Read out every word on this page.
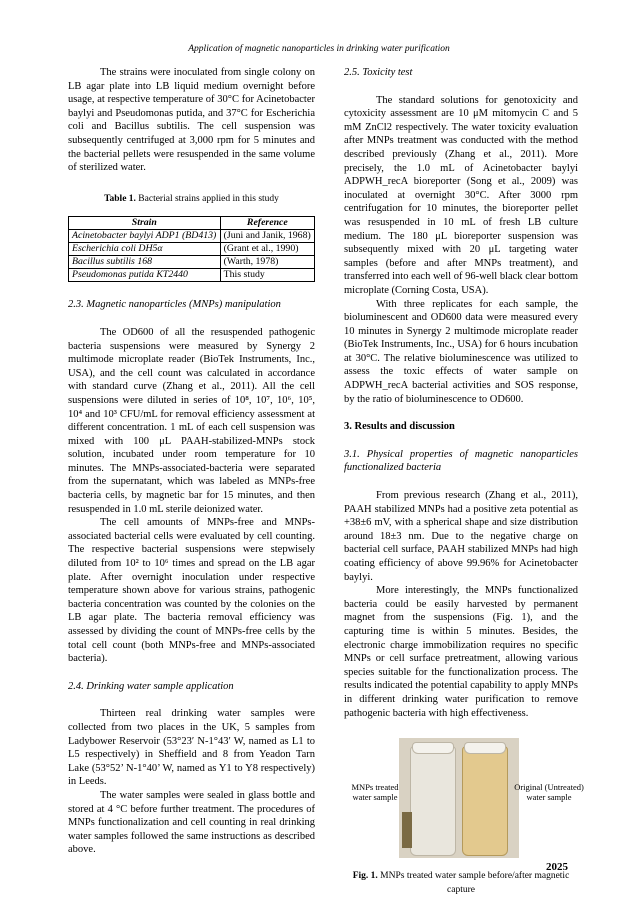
Application of magnetic nanoparticles in drinking water purification

The strains were inoculated from single colony on LB agar plate into LB liquid medium overnight before usage, at respective temperature of 30°C for Acinetobacter baylyi and Pseudomonas putida, and 37°C for Escherichia coli and Bacillus subtilis. The cell suspension was subsequently centrifuged at 3,000 rpm for 5 minutes and the bacterial pellets were resuspended in the same volume of sterilized water.

Table 1. Bacterial strains applied in this study
Strain	Reference
Acinetobacter baylyi ADP1 (BD413)	(Juni and Janik, 1968)
Escherichia coli DH5α	(Grant et al., 1990)
Bacillus subtilis 168	(Warth, 1978)
Pseudomonas putida KT2440	This study

2.3. Magnetic nanoparticles (MNPs) manipulation

The OD600 of all the resuspended pathogenic bacteria suspensions were measured by Synergy 2 multimode microplate reader (BioTek Instruments, Inc., USA), and the cell count was calculated in accordance with standard curve (Zhang et al., 2011). All the cell suspensions were diluted in series of 10⁸, 10⁷, 10⁶, 10⁵, 10⁴ and 10³ CFU/mL for removal efficiency assessment at different concentration. 1 mL of each cell suspension was mixed with 100 μL PAAH-stabilized-MNPs stock solution, incubated under room temperature for 10 minutes. The MNPs-associated-bacteria were separated from the supernatant, which was labeled as MNPs-free bacteria cells, by magnetic bar for 15 minutes, and then resuspended in 1.0 mL sterile deionized water.

The cell amounts of MNPs-free and MNPs-associated bacterial cells were evaluated by cell counting. The respective bacterial suspensions were stepwisely diluted from 10² to 10⁶ times and spread on the LB agar plate. After overnight inoculation under respective temperature shown above for various strains, pathogenic bacteria concentration was counted by the colonies on the LB agar plate. The bacteria removal efficiency was assessed by dividing the count of MNPs-free cells by the total cell count (both MNPs-free and MNPs-associated bacteria).

2.4. Drinking water sample application

Thirteen real drinking water samples were collected from two places in the UK, 5 samples from Ladybower Reservoir (53°23′ N-1°43′ W, named as L1 to L5 respectively) in Sheffield and 8 from Yeadon Tarn Lake (53°52’ N-1°40’ W, named as Y1 to Y8 respectively) in Leeds.

The water samples were sealed in glass bottle and stored at 4 °C before further treatment. The procedures of MNPs functionalization and cell counting in real drinking water samples followed the same instructions as described above.

2.5. Toxicity test

The standard solutions for genotoxicity and cytoxicity assessment are 10 μM mitomycin C and 5 mM ZnCl2 respectively. The water toxicity evaluation after MNPs treatment was conducted with the method described previously (Zhang et al., 2011). More precisely, the 1.0 mL of Acinetobacter baylyi ADPWH_recA bioreporter (Song et al., 2009) was inoculated at overnight 30°C. After 3000 rpm centrifugation for 10 minutes, the bioreporter pellet was resuspended in 10 mL of fresh LB culture medium. The 180 μL bioreporter suspension was subsequently mixed with 20 μL targeting water samples (before and after MNPs treatment), and transferred into each well of 96-well black clear bottom microplate (Corning Costa, USA).

With three replicates for each sample, the bioluminescent and OD600 data were measured every 10 minutes in Synergy 2 multimode microplate reader (BioTek Instruments, Inc., USA) for 6 hours incubation at 30°C. The relative bioluminescence was utilized to assess the toxic effects of water sample on ADPWH_recA bacterial activities and SOS response, by the ratio of bioluminescence to OD600.

3. Results and discussion

3.1. Physical properties of magnetic nanoparticles functionalized bacteria

From previous research (Zhang et al., 2011), PAAH stabilized MNPs had a positive zeta potential as +38±6 mV, with a spherical shape and size distribution around 18±3 nm. Due to the negative charge on bacterial cell surface, PAAH stabilized MNPs had high coating efficiency of above 99.96% for Acinetobacter baylyi.

More interestingly, the MNPs functionalized bacteria could be easily harvested by permanent magnet from the suspensions (Fig. 1), and the capturing time is within 5 minutes. Besides, the electronic charge immobilization requires no specific MNPs or cell surface pretreatment, allowing various species suitable for the functionalization process. The results indicated the potential capability to apply MNPs in different drinking water purification to remove pathogenic bacteria with high effectiveness.

MNPs treated water sample
Original (Untreated) water sample
Fig. 1. MNPs treated water sample before/after magnetic capture
2025
